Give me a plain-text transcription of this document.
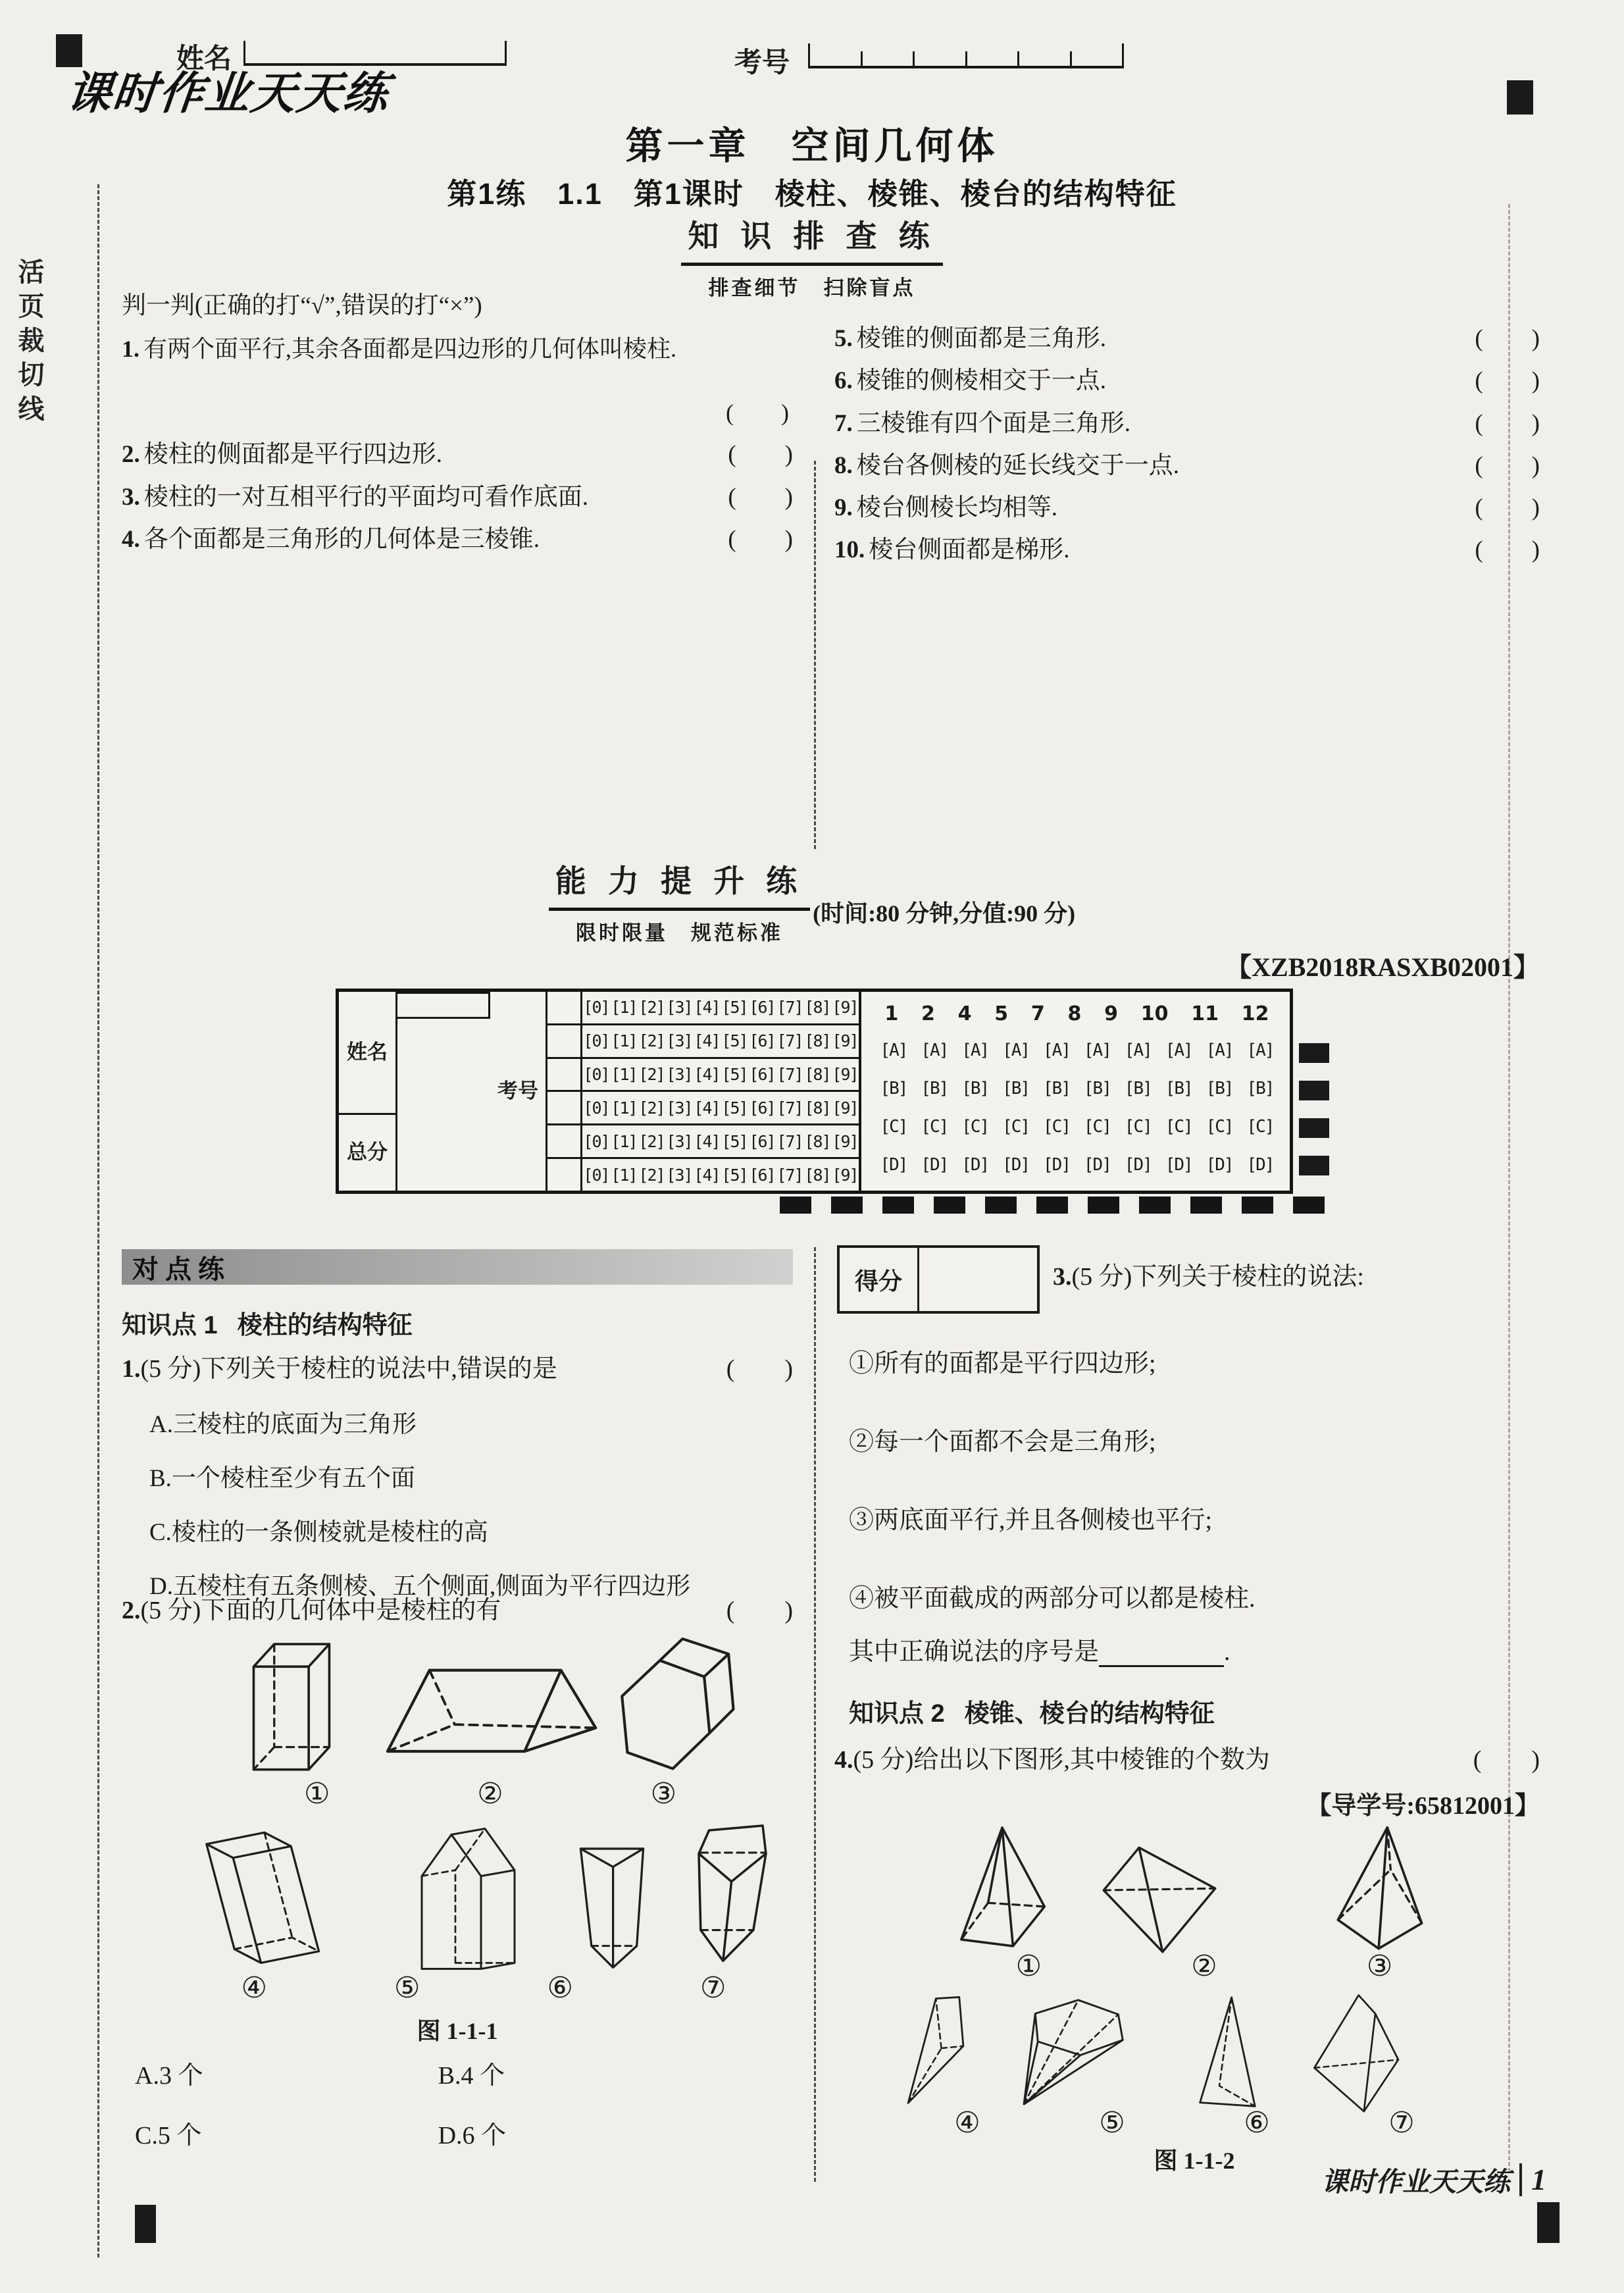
活页裁切线
姓名	考号
课时作业天天练
第一章　空间几何体
第1练　1.1　第1课时　棱柱、棱锥、棱台的结构特征
知 识 排 查 练
排查细节　扫除盲点
判一判(正确的打“√”,错误的打“×”)
1. 有两个面平行,其余各面都是四边形的几何体叫棱柱.
(　　)
2. 棱柱的侧面都是平行四边形.	(　　)
3. 棱柱的一对互相平行的平面均可看作底面.	(　　)
4. 各个面都是三角形的几何体是三棱锥.	(　　)
5. 棱锥的侧面都是三角形.	(　　)
6. 棱锥的侧棱相交于一点.	(　　)
7. 三棱锥有四个面是三角形.	(　　)
8. 棱台各侧棱的延长线交于一点.	(　　)
9. 棱台侧棱长均相等.	(　　)
10. 棱台侧面都是梯形.	(　　)
能 力 提 升 练
限时限量　规范标准
(时间:80 分钟,分值:90 分)
【XZB2018RASXB02001】
姓名
总分
考号
[0] [1] [2] [3] [4] [5] [6] [7] [8] [9]
[0] [1] [2] [3] [4] [5] [6] [7] [8] [9]
[0] [1] [2] [3] [4] [5] [6] [7] [8] [9]
[0] [1] [2] [3] [4] [5] [6] [7] [8] [9]
[0] [1] [2] [3] [4] [5] [6] [7] [8] [9]
[0] [1] [2] [3] [4] [5] [6] [7] [8] [9]
1 2 4 5 7 8 9 10 11 12
[A] [A] [A] [A] [A] [A] [A] [A] [A] [A]
[B] [B] [B] [B] [B] [B] [B] [B] [B] [B]
[C] [C] [C] [C] [C] [C] [C] [C] [C] [C]
[D] [D] [D] [D] [D] [D] [D] [D] [D] [D]
对点练
知识点 1 棱柱的结构特征
1.(5 分)下列关于棱柱的说法中,错误的是	(　　)
A.三棱柱的底面为三角形
B.一个棱柱至少有五个面
C.棱柱的一条侧棱就是棱柱的高
D.五棱柱有五条侧棱、五个侧面,侧面为平行四边形
2.(5 分)下面的几何体中是棱柱的有	(　　)
①	②	③
④	⑤	⑥	⑦
图 1-1-1
A.3 个	B.4 个
C.5 个	D.6 个
得分	3.(5 分)下列关于棱柱的说法:
①所有的面都是平行四边形;
②每一个面都不会是三角形;
③两底面平行,并且各侧棱也平行;
④被平面截成的两部分可以都是棱柱.
其中正确说法的序号是	.
知识点 2 棱锥、棱台的结构特征
4.(5 分)给出以下图形,其中棱锥的个数为	(　　)
【导学号:65812001】
①	②	③
④	⑤	⑥	⑦
图 1-1-2
课时作业天天练 1
